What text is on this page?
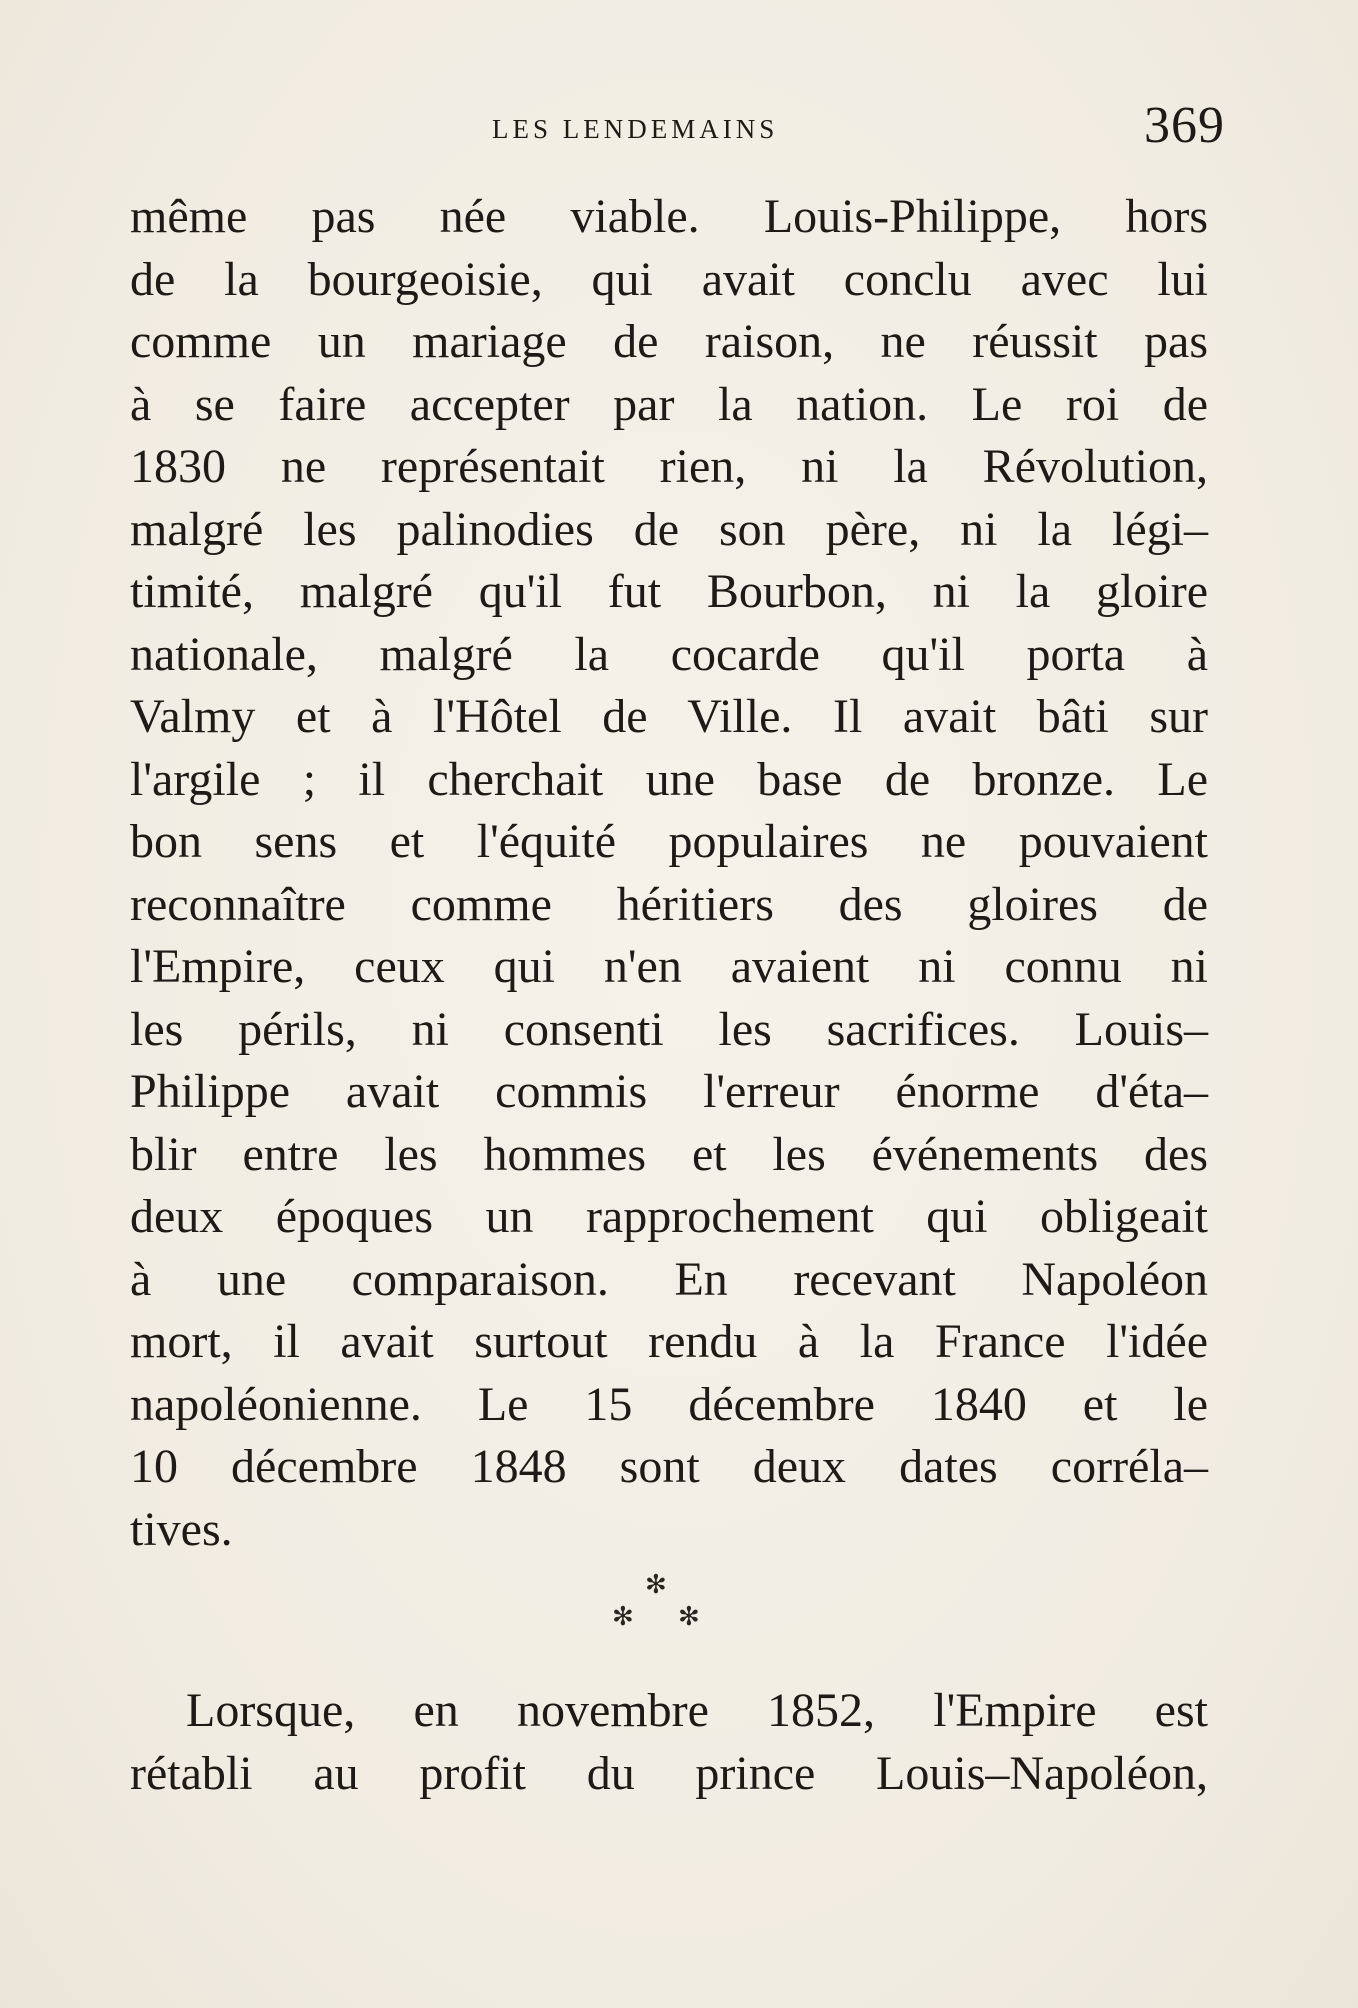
LES LENDEMAINS	369
même pas née viable. Louis-Philippe, hors
de la bourgeoisie, qui avait conclu avec lui
comme un mariage de raison, ne réussit pas
à se faire accepter par la nation. Le roi de
1830 ne représentait rien, ni la Révolution,
malgré les palinodies de son père, ni la légi–
timité, malgré qu'il fut Bourbon, ni la gloire
nationale, malgré la cocarde qu'il porta à
Valmy et à l'Hôtel de Ville. Il avait bâti sur
l'argile ; il cherchait une base de bronze. Le
bon sens et l'équité populaires ne pouvaient
reconnaître comme héritiers des gloires de
l'Empire, ceux qui n'en avaient ni connu ni
les périls, ni consenti les sacrifices. Louis–
Philippe avait commis l'erreur énorme d'éta–
blir entre les hommes et les événements des
deux époques un rapprochement qui obligeait
à une comparaison. En recevant Napoléon
mort, il avait surtout rendu à la France l'idée
napoléonienne. Le 15 décembre 1840 et le
10 décembre 1848 sont deux dates corréla–
tives.
✻
✻ ✻
Lorsque, en novembre 1852, l'Empire est
rétabli au profit du prince Louis–Napoléon,
